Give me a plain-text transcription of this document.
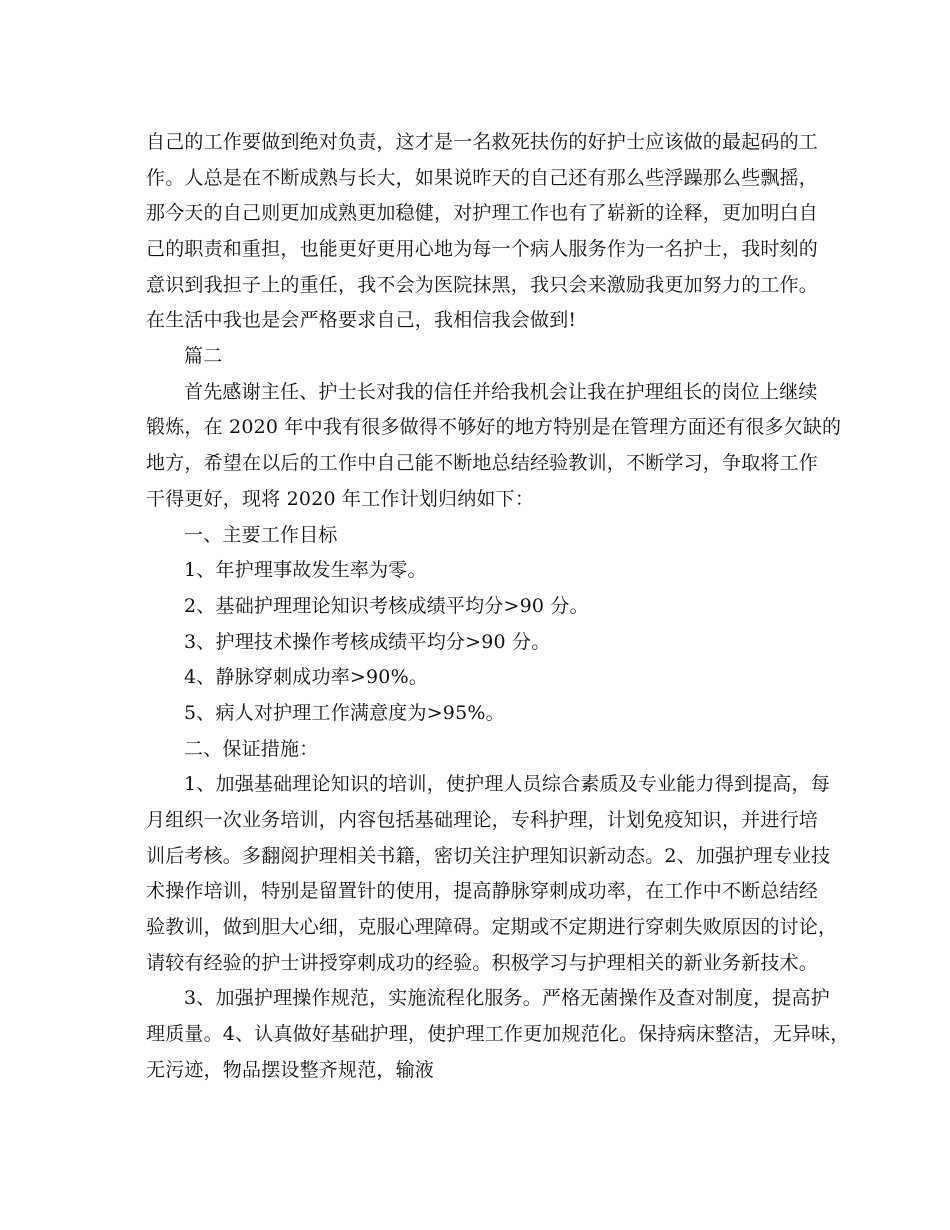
自己的工作要做到绝对负责，这才是一名救死扶伤的好护士应该做的最起码的工
作。人总是在不断成熟与长大，如果说昨天的自己还有那么些浮躁那么些飘摇，
那今天的自己则更加成熟更加稳健，对护理工作也有了崭新的诠释，更加明白自
己的职责和重担，也能更好更用心地为每一个病人服务作为一名护士，我时刻的
意识到我担子上的重任，我不会为医院抹黑，我只会来激励我更加努力的工作。
在生活中我也是会严格要求自己，我相信我会做到!
篇二
首先感谢主任、护士长对我的信任并给我机会让我在护理组长的岗位上继续
锻炼，在 2020 年中我有很多做得不够好的地方特别是在管理方面还有很多欠缺的
地方，希望在以后的工作中自己能不断地总结经验教训，不断学习，争取将工作
干得更好，现将 2020 年工作计划归纳如下：
一、主要工作目标
1、年护理事故发生率为零。
2、基础护理理论知识考核成绩平均分>90 分。
3、护理技术操作考核成绩平均分>90 分。
4、静脉穿刺成功率>90%。
5、病人对护理工作满意度为>95%。
二、保证措施：
1、加强基础理论知识的培训，使护理人员综合素质及专业能力得到提高，每
月组织一次业务培训，内容包括基础理论，专科护理，计划免疫知识，并进行培
训后考核。多翻阅护理相关书籍，密切关注护理知识新动态。2、加强护理专业技
术操作培训，特别是留置针的使用，提高静脉穿刺成功率，在工作中不断总结经
验教训，做到胆大心细，克服心理障碍。定期或不定期进行穿刺失败原因的讨论，
请较有经验的护士讲授穿刺成功的经验。积极学习与护理相关的新业务新技术。
3、加强护理操作规范，实施流程化服务。严格无菌操作及查对制度，提高护
理质量。4、认真做好基础护理，使护理工作更加规范化。保持病床整洁，无异味，
无污迹，物品摆设整齐规范，输液
